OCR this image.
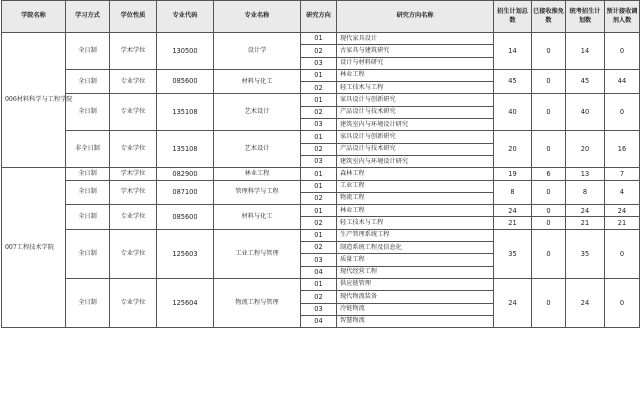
学院名称	学习方式	学位性质	专业代码	专业名称	研究方向	研究方向名称	招生计划总数	已接收推免数	统考招生计划数	预计接收调剂人数
006材料科学与工程学院	全日制	学术学位	130500	设计学	01	现代家具设计	14	0	14	0
					02	古家具与建筑研究				
					03	设计与材料研究				
	全日制	专业学位	085600	材料与化工	01	林业工程	45	0	45	44
					02	轻工技术与工程				
	全日制	专业学位	135108	艺术设计	01	家具设计与创新研究	40	0	40	0
					02	产品设计与技术研究				
					03	建筑室内与环境设计研究				
	非全日制	专业学位	135108	艺术设计	01	家具设计与创新研究	20	0	20	16
					02	产品设计与技术研究				
					03	建筑室内与环境设计研究				
007工程技术学院	全日制	学术学位	082900	林业工程	01	森林工程	19	6	13	7
	全日制	学术学位	087100	管理科学与工程	01	工业工程	8	0	8	4
					02	物流工程				
	全日制	专业学位	085600	材料与化工	01	林业工程	24	0	24	24
					02	轻工技术与工程	21	0	21	21
	全日制	专业学位	125603	工业工程与管理	01	生产管理系统工程	35	0	35	0
					02	制造系统工程及信息化				
					03	质量工程				
					04	现代经营工程				
	全日制	专业学位	125604	物流工程与管理	01	供应链管理	24	0	24	0
					02	现代物流装备				
					03	冷链物流				
					04	智慧物流				
